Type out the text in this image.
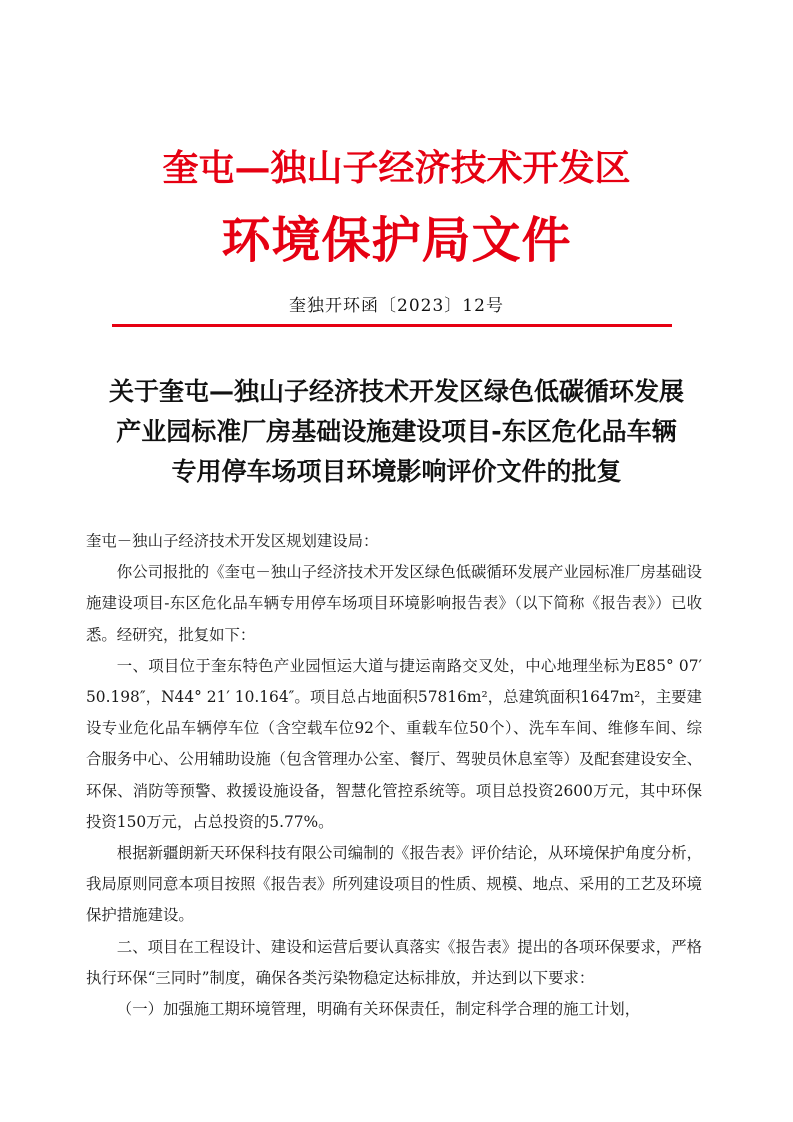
奎屯—独山子经济技术开发区
环境保护局文件
奎独开环函〔2023〕12号
关于奎屯—独山子经济技术开发区绿色低碳循环发展
产业园标准厂房基础设施建设项目-东区危化品车辆
专用停车场项目环境影响评价文件的批复

奎屯－独山子经济技术开发区规划建设局：

你公司报批的《奎屯－独山子经济技术开发区绿色低碳循环发展产业园标准厂房基础设施建设项目-东区危化品车辆专用停车场项目环境影响报告表》（以下简称《报告表》）已收悉。经研究，批复如下：

一、项目位于奎东特色产业园恒运大道与捷运南路交叉处，中心地理坐标为E85° 07′ 50.198″，N44° 21′ 10.164″。项目总占地面积57816m²，总建筑面积1647m²，主要建设专业危化品车辆停车位（含空载车位92个、重载车位50个）、洗车车间、维修车间、综合服务中心、公用辅助设施（包含管理办公室、餐厅、驾驶员休息室等）及配套建设安全、环保、消防等预警、救援设施设备，智慧化管控系统等。项目总投资2600万元，其中环保投资150万元，占总投资的5.77%。

根据新疆朗新天环保科技有限公司编制的《报告表》评价结论，从环境保护角度分析，我局原则同意本项目按照《报告表》所列建设项目的性质、规模、地点、采用的工艺及环境保护措施建设。

二、项目在工程设计、建设和运营后要认真落实《报告表》提出的各项环保要求，严格执行环保“三同时”制度，确保各类污染物稳定达标排放，并达到以下要求：

（一）加强施工期环境管理，明确有关环保责任，制定科学合理的施工计划，
